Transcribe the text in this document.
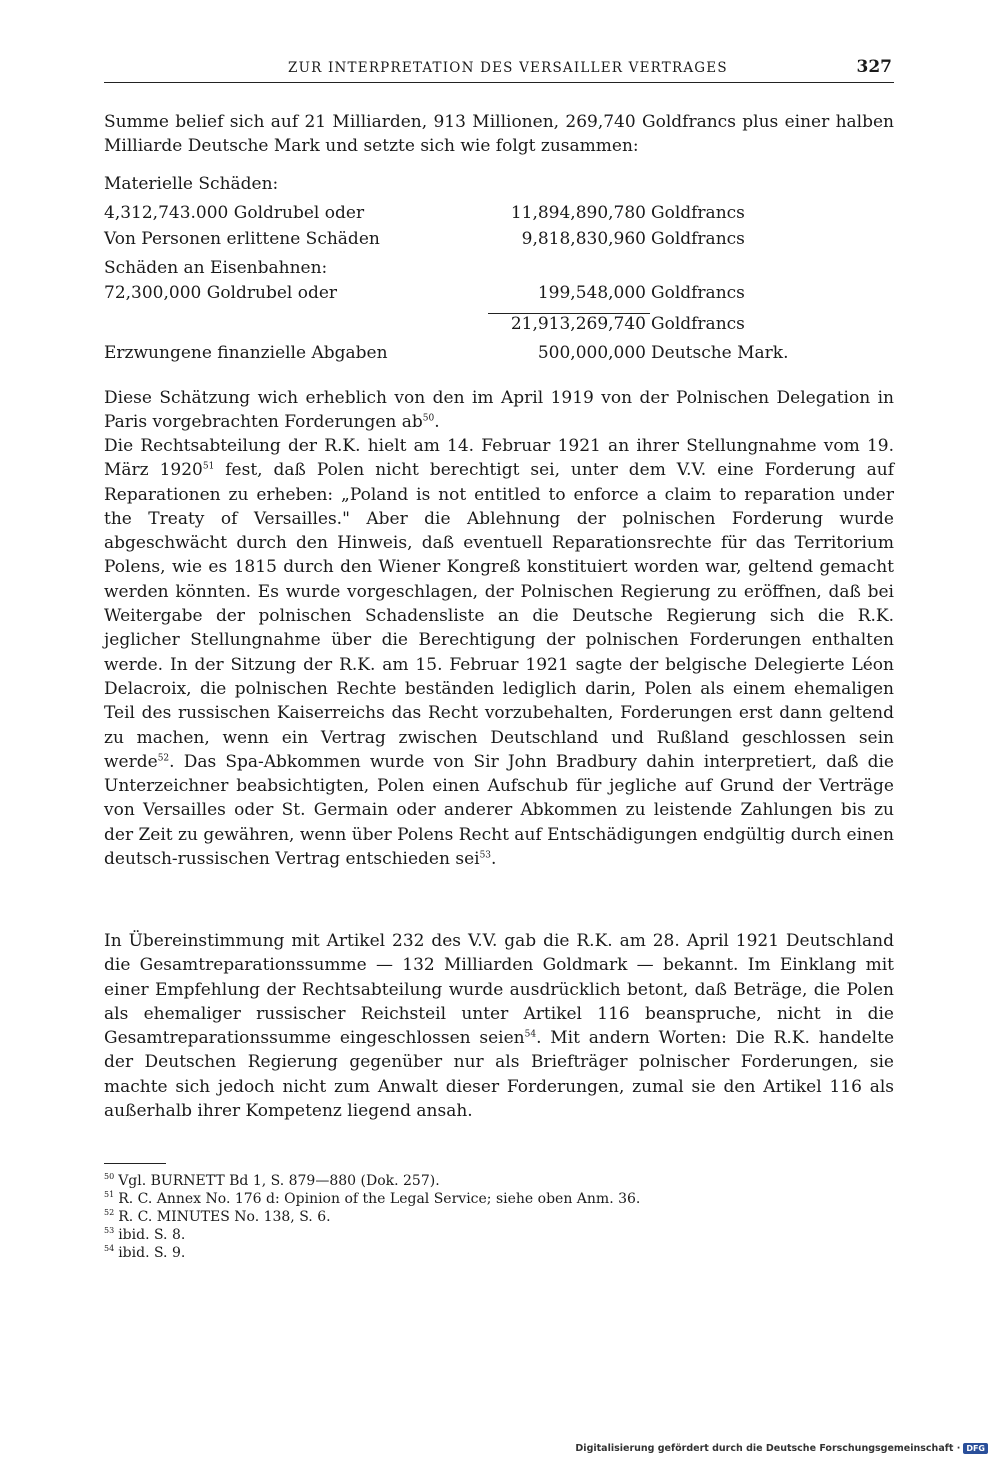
ZUR INTERPRETATION DES VERSAILLER VERTRAGES	327

Summe belief sich auf 21 Milliarden, 913 Millionen, 269,740 Goldfrancs plus einer halben Milliarde Deutsche Mark und setzte sich wie folgt zusammen:

Materielle Schäden:
4,312,743.000 Goldrubel oder	11,894,890,780 Goldfrancs
Von Personen erlittene Schäden	9,818,830,960 Goldfrancs
Schäden an Eisenbahnen:
72,300,000 Goldrubel oder	199,548,000 Goldfrancs
21,913,269,740 Goldfrancs
Erzwungene finanzielle Abgaben	500,000,000 Deutsche Mark.

Diese Schätzung wich erheblich von den im April 1919 von der Polnischen Delegation in Paris vorgebrachten Forderungen $ab^{50}$.

Die Rechtsabteilung der R.K. hielt am 14. Februar 1921 an ihrer Stellungnahme vom 19. März 1920$^{51}$ fest, daß Polen nicht berechtigt sei, unter dem V.V. eine Forderung auf Reparationen zu erheben: „Poland is not entitled to enforce a claim to reparation under the Treaty of Versailles." Aber die Ablehnung der polnischen Forderung wurde abgeschwächt durch den Hinweis, daß eventuell Reparationsrechte für das Territorium Polens, wie es 1815 durch den Wiener Kongreß konstituiert worden war, geltend gemacht werden könnten. Es wurde vorgeschlagen, der Polnischen Regierung zu eröffnen, daß bei Weitergabe der polnischen Schadensliste an die Deutsche Regierung sich die R.K. jeglicher Stellungnahme über die Berechtigung der polnischen Forderungen enthalten werde. In der Sitzung der R.K. am 15. Februar 1921 sagte der belgische Delegierte Léon Delacroix, die polnischen Rechte beständen lediglich darin, Polen als einem ehemaligen Teil des russischen Kaiserreichs das Recht vorzubehalten, Forderungen erst dann geltend zu machen, wenn ein Vertrag zwischen Deutschland und Rußland geschlossen sein werde$^{52}$. Das Spa-Abkommen wurde von Sir John Bradbury dahin interpretiert, daß die Unterzeichner beabsichtigten, Polen einen Aufschub für jegliche auf Grund der Verträge von Versailles oder St. Germain oder anderer Abkommen zu leistende Zahlungen bis zu der Zeit zu gewähren, wenn über Polens Recht auf Entschädigungen endgültig durch einen deutsch-russischen Vertrag entschieden sei$^{53}$.

In Übereinstimmung mit Artikel 232 des V.V. gab die R.K. am 28. April 1921 Deutschland die Gesamtreparationssumme — 132 Milliarden Goldmark — bekannt. Im Einklang mit einer Empfehlung der Rechtsabteilung wurde ausdrücklich betont, daß Beträge, die Polen als ehemaliger russischer Reichsteil unter Artikel 116 beanspruche, nicht in die Gesamtreparationssumme eingeschlossen seien$^{54}$. Mit andern Worten: Die R.K. handelte der Deutschen Regierung gegenüber nur als Briefträger polnischer Forderungen, sie machte sich jedoch nicht zum Anwalt dieser Forderungen, zumal sie den Artikel 116 als außerhalb ihrer Kompetenz liegend ansah.

$^{50}$ Vgl. BURNETT Bd 1, S. 879—880 (Dok. 257).
$^{51}$ R. C. Annex No. 176 d: Opinion of the Legal Service; siehe oben Anm. 36.
$^{52}$ R. C. MINUTES No. 138, S. 6.
$^{53}$ ibid. S. 8.
$^{54}$ ibid. S. 9.
Digitalisierung gefördert durch die Deutsche Forschungsgemeinschaft · DFG
